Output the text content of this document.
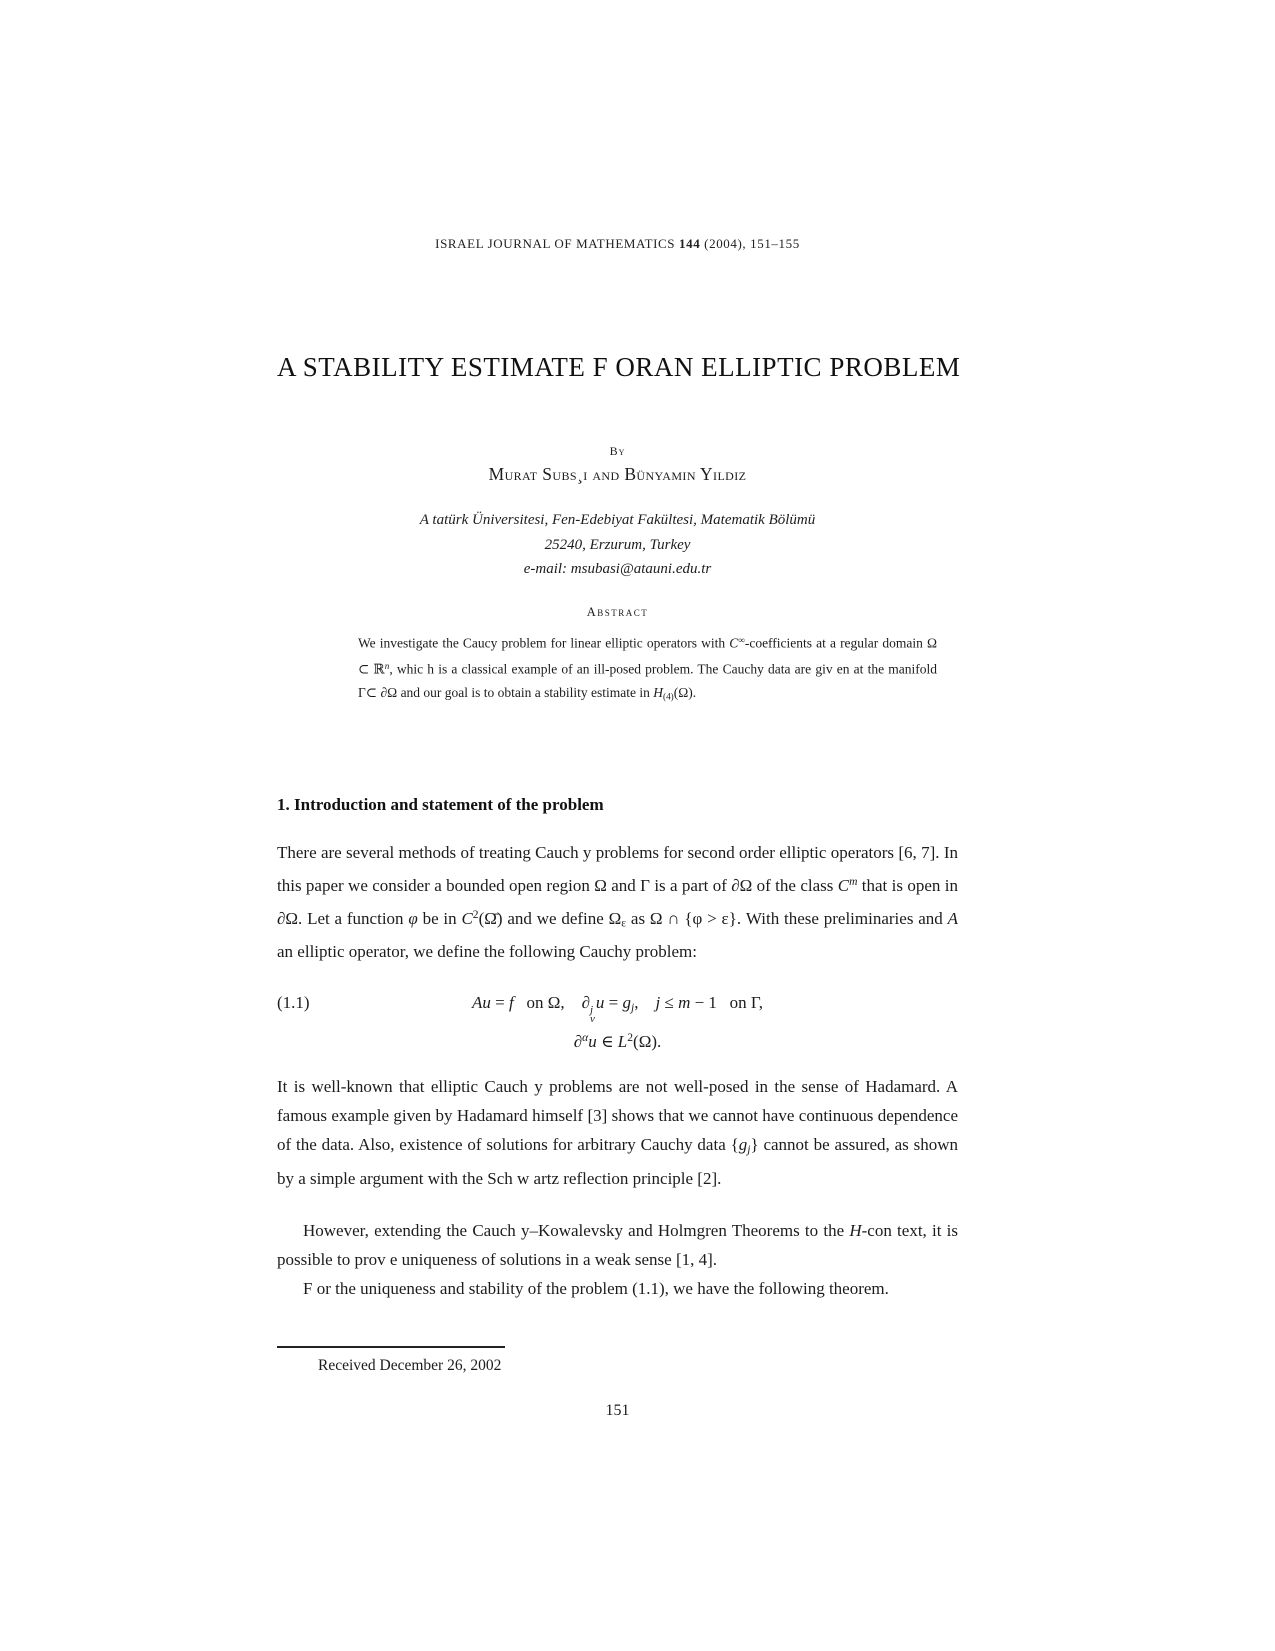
ISRAEL JOURNAL OF MATHEMATICS 144 (2004), 151–155
A STABILITY ESTIMATE F ORAN ELLIPTIC PROBLEM
By
Murat Subs¸ı and Bünyamin Yıldız
A tatürk Üniversitesi, Fen-Edebiyat Fakültesi, Matematik Bölümü
25240, Erzurum, Turkey
e-mail: msubasi@atauni.edu.tr
Abstract
We investigate the Caucy problem for linear elliptic operators with C∞-coefficients at a regular domain Ω ⊂ ℝ$^n$, whic h is a classical example of an ill-posed problem. The Cauchy data are giv en at the manifold Γ⊂ ∂Ω and our goal is to obtain a stability estimate in $H_{(4)}(\Omega)$.
1. Introduction and statement of the problem
There are several methods of treating Cauch y problems for second order elliptic operators [6, 7]. In this paper we consider a bounded open region Ω and Γ is a part of ∂Ω of the class $C^m$ that is open in ∂Ω. Let a function φ be in $C^2(\Omegā)$ and we define $\Omega_\varepsilon$ as Ω ∩ {φ > ε}. With these preliminaries and A an elliptic operator, we define the following Cauchy problem:
(1.1)	Au = f   on Ω,    ∂ j
v
$u = g_j$,    j ≤ m − 1   on Γ,
∂$^\alpha$u ∈ $L^2(\Omega)$.
It is well-known that elliptic Cauch y problems are not well-posed in the sense of Hadamard. A famous example given by Hadamard himself [3] shows that we cannot have continuous dependence of the data. Also, existence of solutions for arbitrary Cauchy data $\{g_j\}$ cannot be assured, as shown by a simple argument with the Sch w artz reflection principle [2].
However, extending the Cauch y–Kowalevsky and Holmgren Theorems to the H-con text, it is possible to prov e uniqueness of solutions in a weak sense [1, 4].
F or the uniqueness and stability of the problem (1.1), we have the following theorem.
Received December 26, 2002
151
